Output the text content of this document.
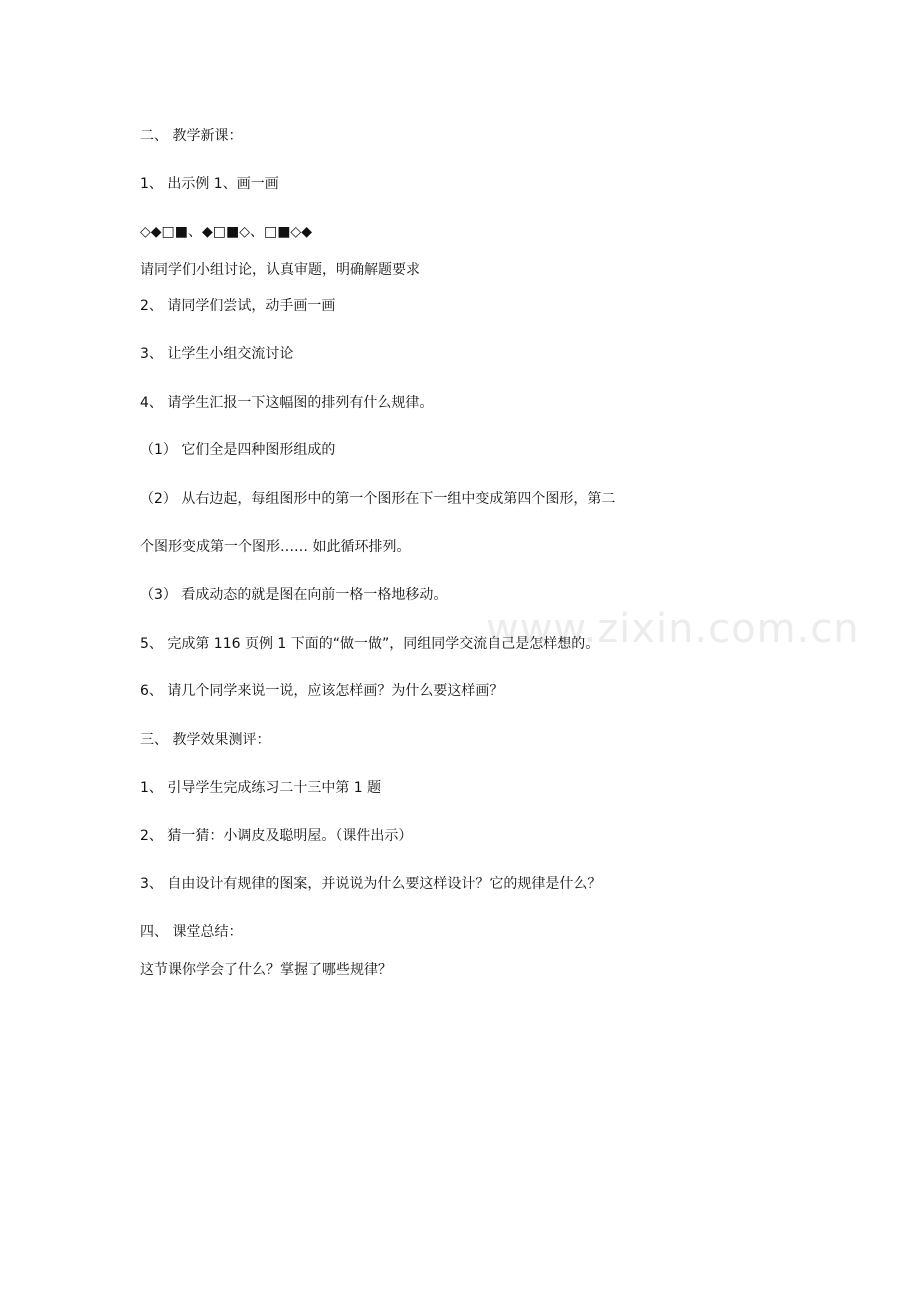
www.zixin.com.cn
二、 教学新课：
1、 出示例 1、画一画
◇◆□■、◆□■◇、□■◇◆
请同学们小组讨论，认真审题，明确解题要求
2、 请同学们尝试，动手画一画
3、 让学生小组交流讨论
4、 请学生汇报一下这幅图的排列有什么规律。
（1） 它们全是四种图形组成的
（2） 从右边起，每组图形中的第一个图形在下一组中变成第四个图形，第二
个图形变成第一个图形…… 如此循环排列。
（3） 看成动态的就是图在向前一格一格地移动。
5、 完成第 116 页例 1 下面的“做一做”，同组同学交流自己是怎样想的。
6、 请几个同学来说一说，应该怎样画？为什么要这样画？
三、 教学效果测评：
1、 引导学生完成练习二十三中第 1 题
2、 猜一猜：小调皮及聪明屋。（课件出示）
3、 自由设计有规律的图案，并说说为什么要这样设计？它的规律是什么？
四、 课堂总结：
这节课你学会了什么？掌握了哪些规律？
